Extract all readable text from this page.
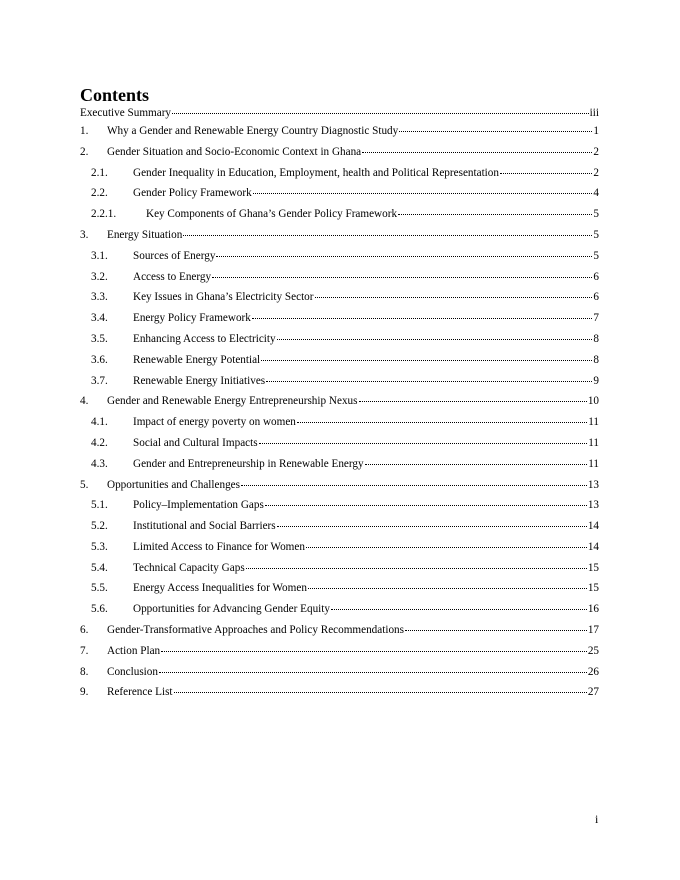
Contents
Executive Summary	iii
1.	Why a Gender and Renewable Energy Country Diagnostic Study	1
2.	Gender Situation and Socio-Economic Context in Ghana	2
2.1.	Gender Inequality in Education, Employment, health and Political Representation	2
2.2.	Gender Policy Framework	4
2.2.1.	Key Components of Ghana’s Gender Policy Framework	5
3.	Energy Situation	5
3.1.	Sources of Energy	5
3.2.	Access to Energy	6
3.3.	Key Issues in Ghana’s Electricity Sector	6
3.4.	Energy Policy Framework	7
3.5.	Enhancing Access to Electricity	8
3.6.	Renewable Energy Potential	8
3.7.	Renewable Energy Initiatives	9
4.	Gender and Renewable Energy Entrepreneurship Nexus	10
4.1.	Impact of energy poverty on women	11
4.2.	Social and Cultural Impacts	11
4.3.	Gender and Entrepreneurship in Renewable Energy	11
5.	Opportunities and Challenges	13
5.1.	Policy–Implementation Gaps	13
5.2.	Institutional and Social Barriers	14
5.3.	Limited Access to Finance for Women	14
5.4.	Technical Capacity Gaps	15
5.5.	Energy Access Inequalities for Women	15
5.6.	Opportunities for Advancing Gender Equity	16
6.	Gender-Transformative Approaches and Policy Recommendations	17
7.	Action Plan	25
8.	Conclusion	26
9.	Reference List	27
i
